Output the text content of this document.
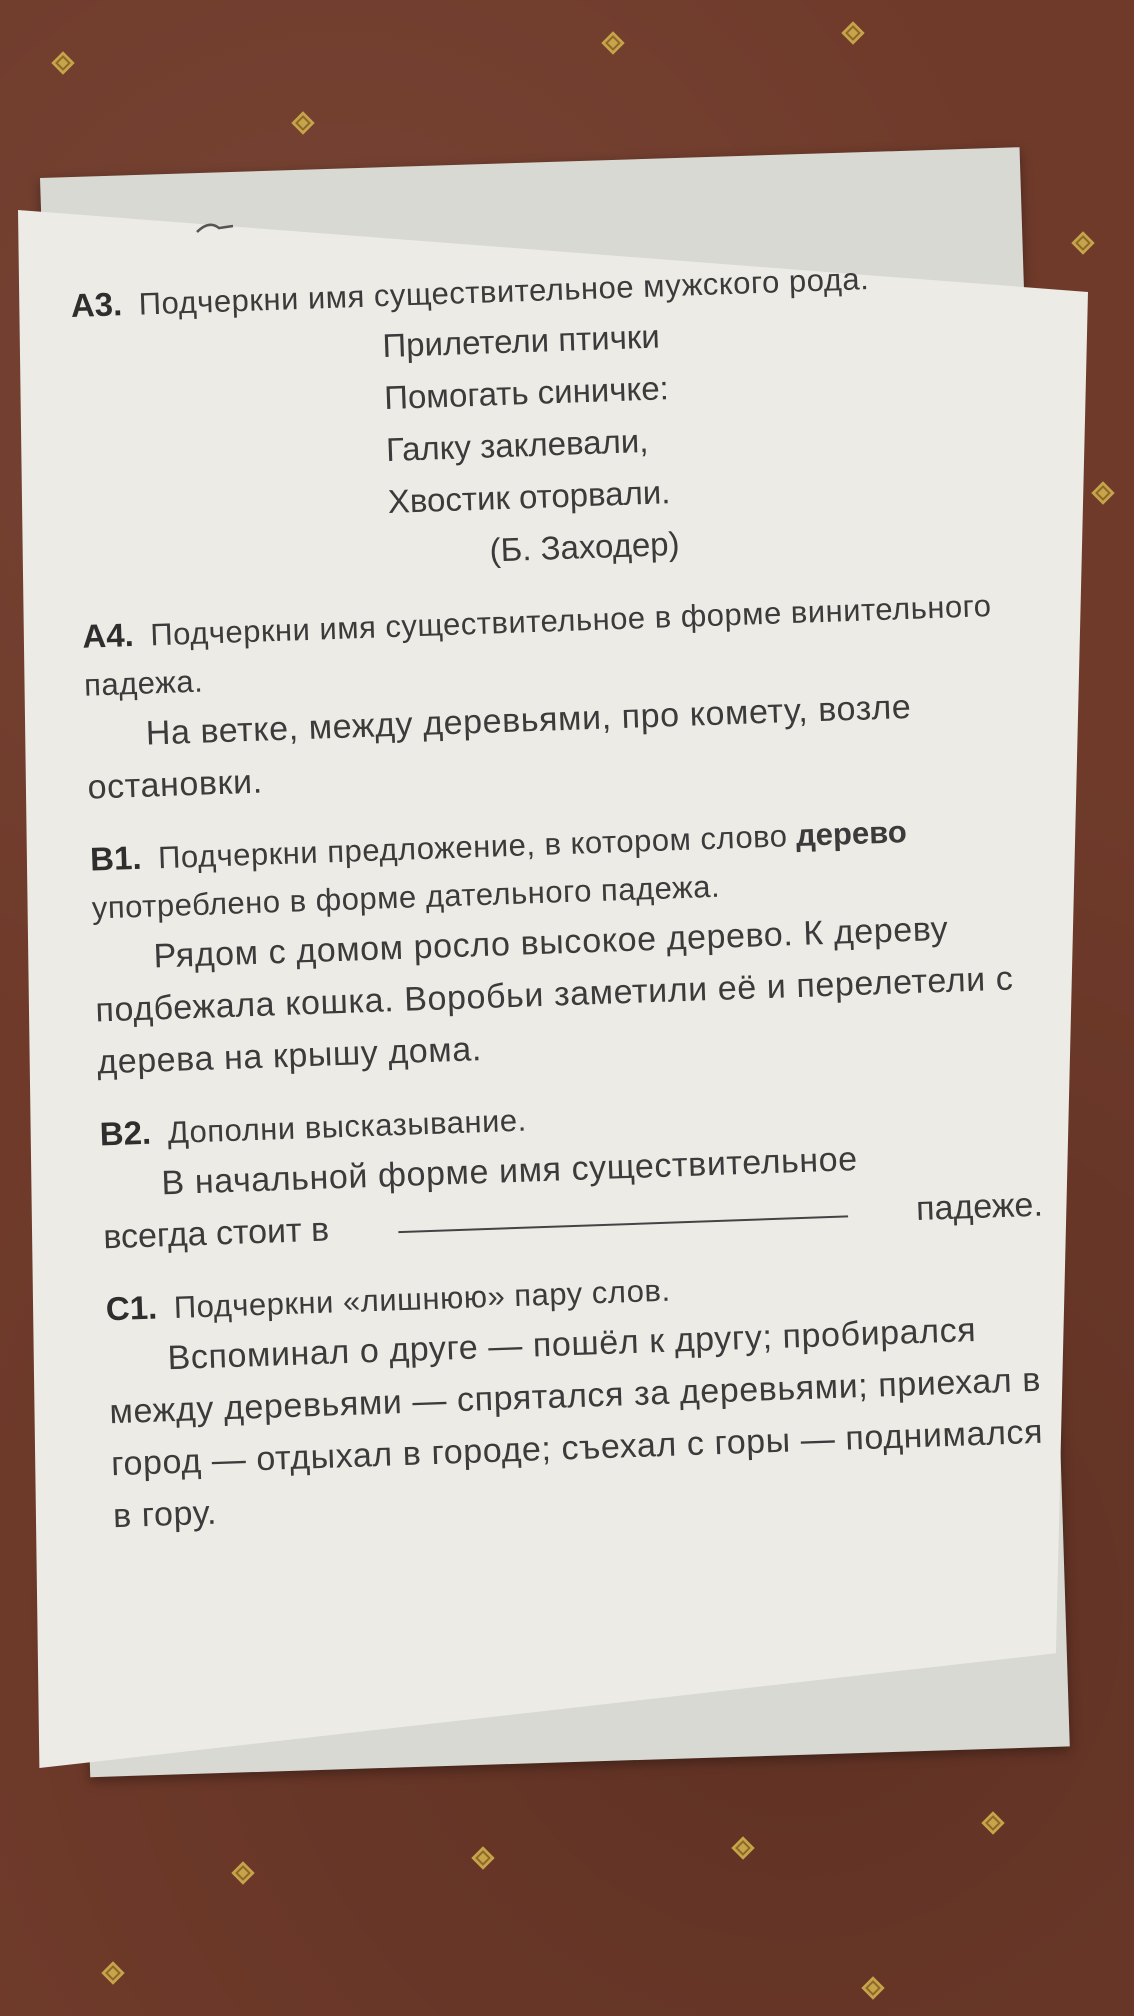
А3. Подчеркни имя существительное мужского рода.
Прилетели птички
Помогать синичке:
Галку заклевали,
Хвостик оторвали.
(Б. Заходер)
А4. Подчеркни имя существительное в форме винительного падежа.
На ветке, между деревьями, про комету, возле остановки.
В1. Подчеркни предложение, в котором слово дерево употреблено в форме дательного падежа.
Рядом с домом росло высокое дерево. К дереву подбежала кошка. Воробьи заметили её и перелетели с дерева на крышу дома.
В2. Дополни высказывание.
В начальной форме имя существительное
всегда стоит в
падеже.
С1. Подчеркни «лишнюю» пару слов.
Вспоминал о друге — пошёл к другу; пробирался между деревьями — спрятался за деревьями; приехал в город — отдыхал в городе; съехал с горы — поднимался в гору.
